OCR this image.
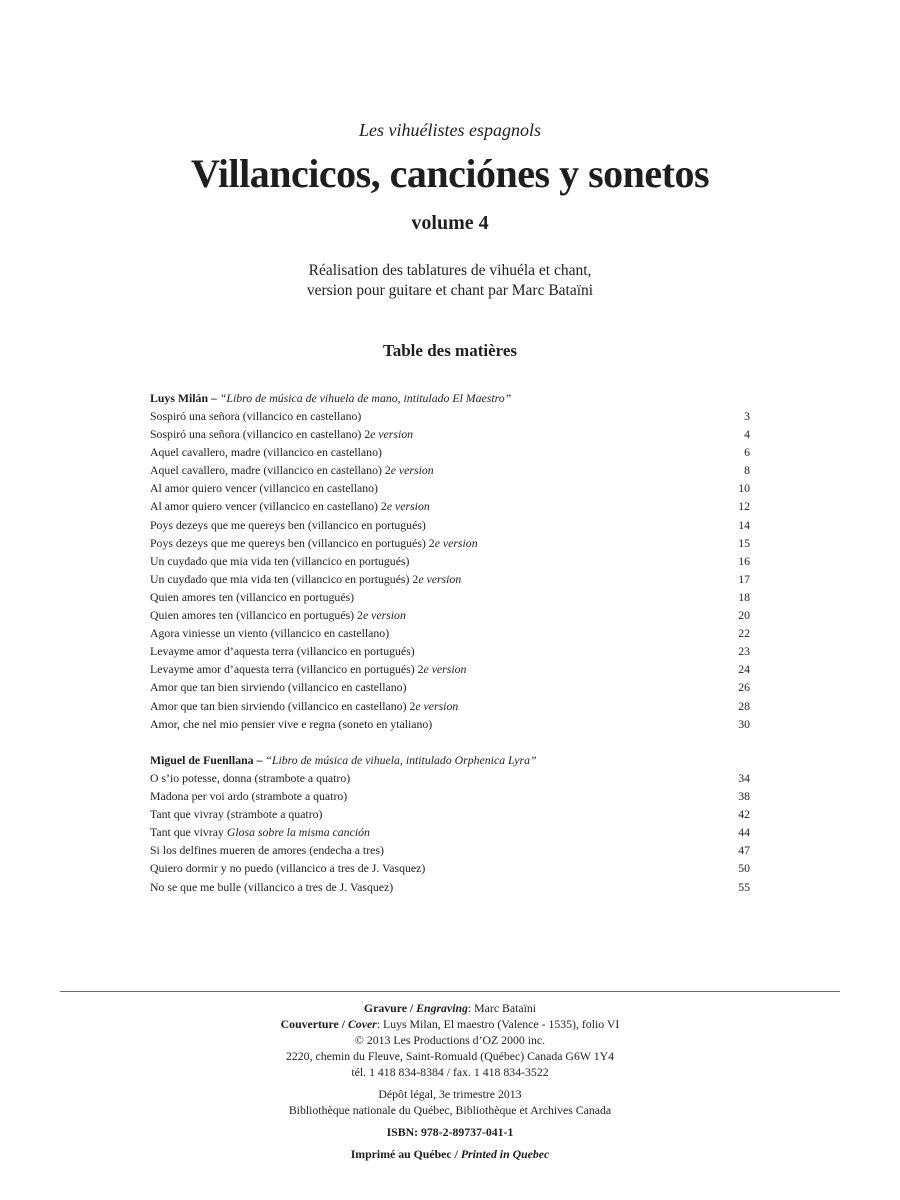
Les vihuélistes espagnols
Villancicos, canciónes y sonetos
volume 4
Réalisation des tablatures de vihuéla et chant,
version pour guitare et chant par Marc Bataïni
Table des matières
Luys Milán – “Libro de música de vihuela de mano, intitulado El Maestro”
Sospiró una señora (villancico en castellano)	3
Sospiró una señora (villancico en castellano) 2e version	4
Aquel cavallero, madre (villancico en castellano)	6
Aquel cavallero, madre (villancico en castellano) 2e version	8
Al amor quiero vencer (villancico en castellano)	10
Al amor quiero vencer (villancico en castellano) 2e version	12
Poys dezeys que me quereys ben (villancico en portugués)	14
Poys dezeys que me quereys ben (villancico en portugués) 2e version	15
Un cuydado que mia vida ten (villancico en portugués)	16
Un cuydado que mia vida ten (villancico en portugués) 2e version	17
Quien amores ten (villancico en portugués)	18
Quien amores ten (villancico en portugués) 2e version	20
Agora viniesse un viento (villancico en castellano)	22
Levayme amor d’aquesta terra (villancico en portugués)	23
Levayme amor d’aquesta terra (villancico en portugués) 2e version	24
Amor que tan bien sirviendo (villancico en castellano)	26
Amor que tan bien sirviendo (villancico en castellano) 2e version	28
Amor, che nel mio pensier vive e regna (soneto en ytaliano)	30
Miguel de Fuenllana – “Libro de música de vihuela, intitulado Orphenica Lyra”
O s’io potesse, donna (strambote a quatro)	34
Madona per voi ardo (strambote a quatro)	38
Tant que vivray (strambote a quatro)	42
Tant que vivray Glosa sobre la misma canción	44
Si los delfines mueren de amores (endecha a tres)	47
Quiero dormir y no puedo (villancico a tres de J. Vasquez)	50
No se que me bulle (villancico a tres de J. Vasquez)	55
Gravure / Engraving: Marc Bataïni
Couverture / Cover: Luys Milan, El maestro (Valence - 1535), folio VI
© 2013 Les Productions d’OZ 2000 inc.
2220, chemin du Fleuve, Saint-Romuald (Québec) Canada G6W 1Y4
tél. 1 418 834-8384 / fax. 1 418 834-3522
Dépôt légal, 3e trimestre 2013
Bibliothèque nationale du Québec, Bibliothèque et Archives Canada
ISBN: 978-2-89737-041-1
Imprimé au Québec / Printed in Quebec
